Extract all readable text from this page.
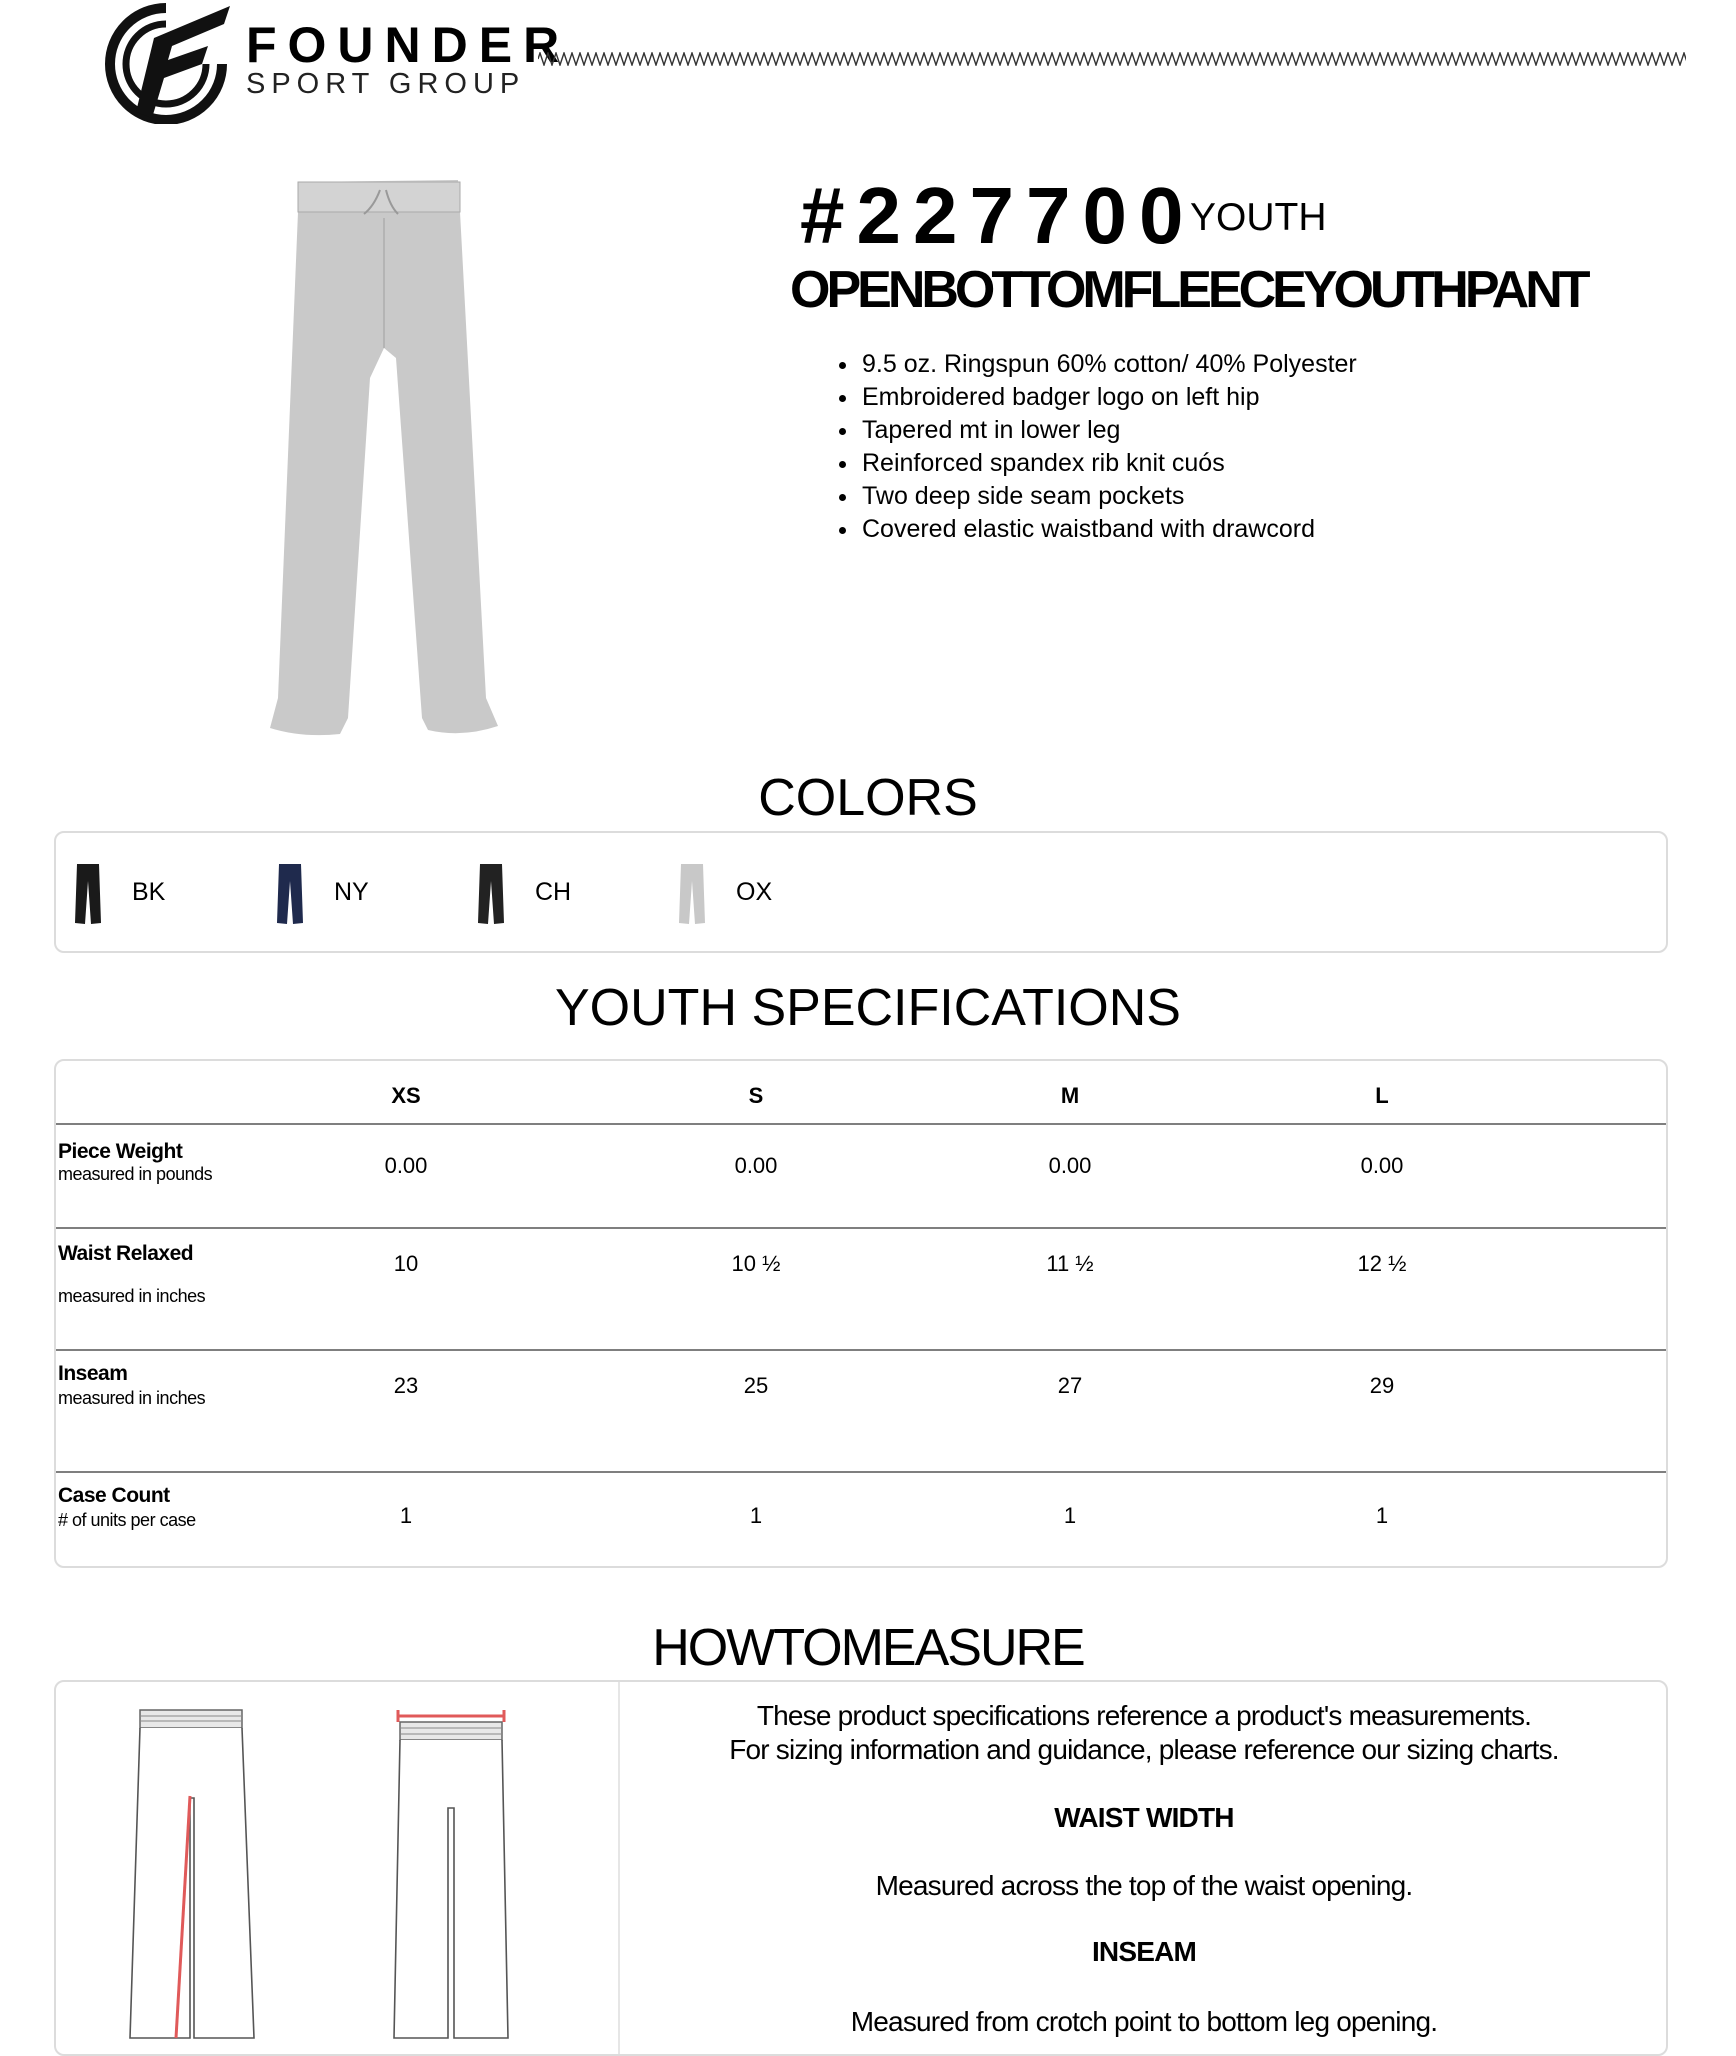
FOUNDER
SPORT GROUP
#227700
YOUTH
OPENBOTTOMFLEECEYOUTHPANT
• 9.5 oz. Ringspun 60% cotton/ 40% Polyester
• Embroidered badger logo on left hip
• Tapered mt in lower leg
• Reinforced spandex rib knit cuós
• Two deep side seam pockets
• Covered elastic waistband with drawcord
COLORS
BK	NY	CH	OX
YOUTH SPECIFICATIONS
XS	S	M	L
Piece Weight
measured in pounds	0.00	0.00	0.00	0.00
Waist Relaxed
measured in inches
10	10 ½	11 ½	12 ½
Inseam
measured in inches	23	25	27	29
Case Count
# of units per case	1	1	1	1
HOWTOMEASURE
These product specifications reference a product's measurements.
For sizing information and guidance, please reference our sizing charts.
WAIST WIDTH
Measured across the top of the waist opening.
INSEAM
Measured from crotch point to bottom leg opening.
